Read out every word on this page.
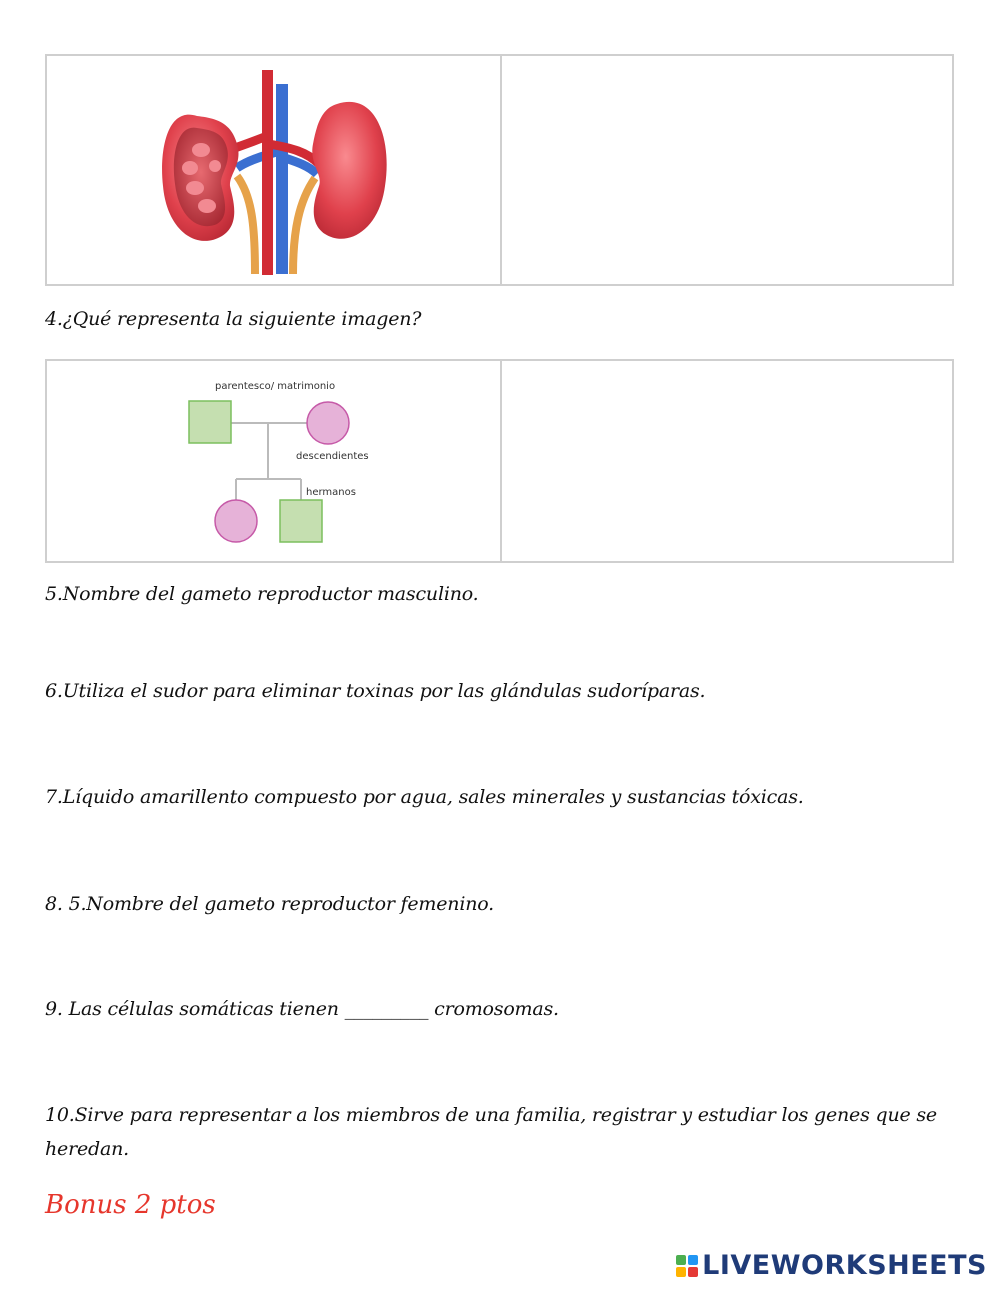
4.¿Qué representa la siguiente imagen?
parentesco/ matrimonio
descendientes
hermanos
5.Nombre del gameto reproductor masculino.
6.Utiliza el sudor para eliminar toxinas por las glándulas sudoríparas.
7.Líquido amarillento compuesto por agua, sales minerales y sustancias tóxicas.
8. 5.Nombre del gameto reproductor femenino.
9. Las células somáticas tienen _________ cromosomas.
10.Sirve para representar a los miembros de una familia, registrar y estudiar los genes que se heredan.
Bonus 2 ptos
LIVEWORKSHEETS
